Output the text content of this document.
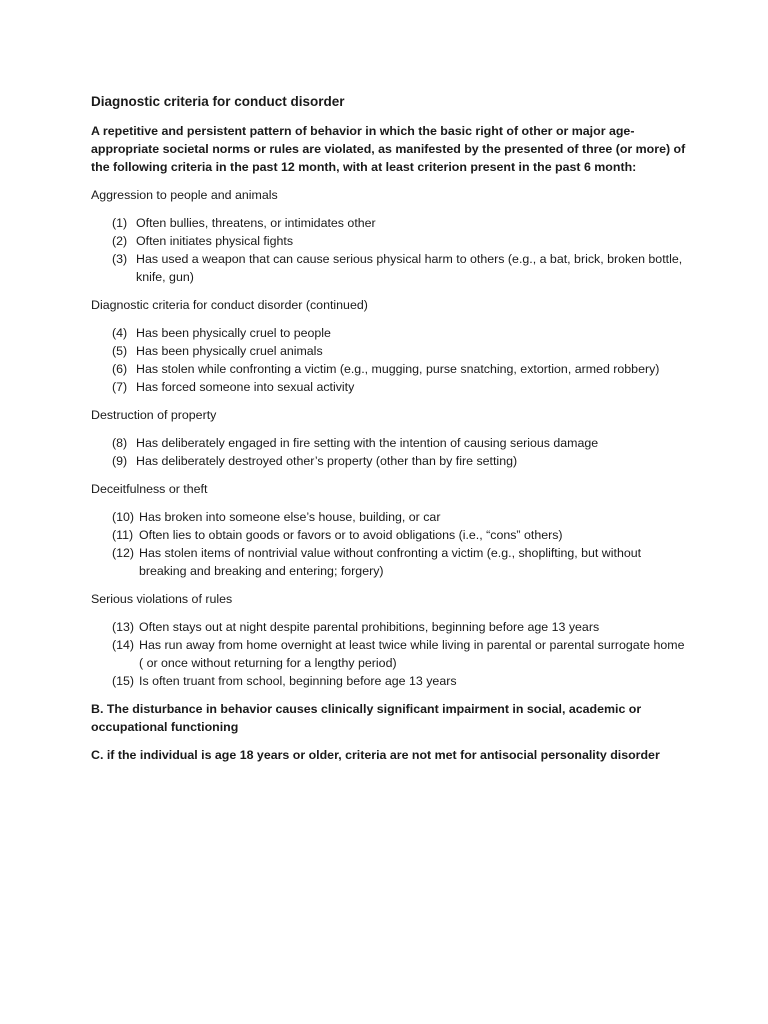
Diagnostic criteria for conduct disorder
A repetitive and persistent pattern of behavior in which the basic right of other or major age-appropriate societal norms or rules are violated, as manifested by the presented of three (or more) of the following criteria in the past 12 month, with at least criterion present in the past 6 month:
Aggression to people and animals
(1) Often bullies, threatens, or intimidates other
(2) Often initiates physical fights
(3) Has used a weapon that can cause serious physical harm to others (e.g., a bat, brick, broken bottle, knife, gun)
Diagnostic criteria for conduct disorder (continued)
(4) Has been physically cruel to people
(5) Has been physically cruel animals
(6) Has stolen while confronting a victim (e.g., mugging, purse snatching, extortion, armed robbery)
(7) Has forced someone into sexual activity
Destruction of property
(8) Has deliberately engaged in fire setting with the intention of causing serious damage
(9) Has deliberately destroyed other’s property (other than by fire setting)
Deceitfulness or theft
(10) Has broken into someone else’s house, building, or car
(11) Often lies to obtain goods or favors or to avoid obligations (i.e., “cons” others)
(12) Has stolen items of nontrivial value without confronting a victim (e.g., shoplifting, but without breaking and breaking and entering; forgery)
Serious violations of rules
(13) Often stays out at night despite parental prohibitions, beginning before age 13 years
(14) Has run away from home overnight at least twice while living in parental or parental surrogate home ( or once without returning for a lengthy period)
(15) Is often truant from school, beginning before age 13 years
B. The disturbance in behavior causes clinically significant impairment in social, academic or occupational functioning
C. if the individual is age 18 years or older, criteria are not met for antisocial personality disorder
